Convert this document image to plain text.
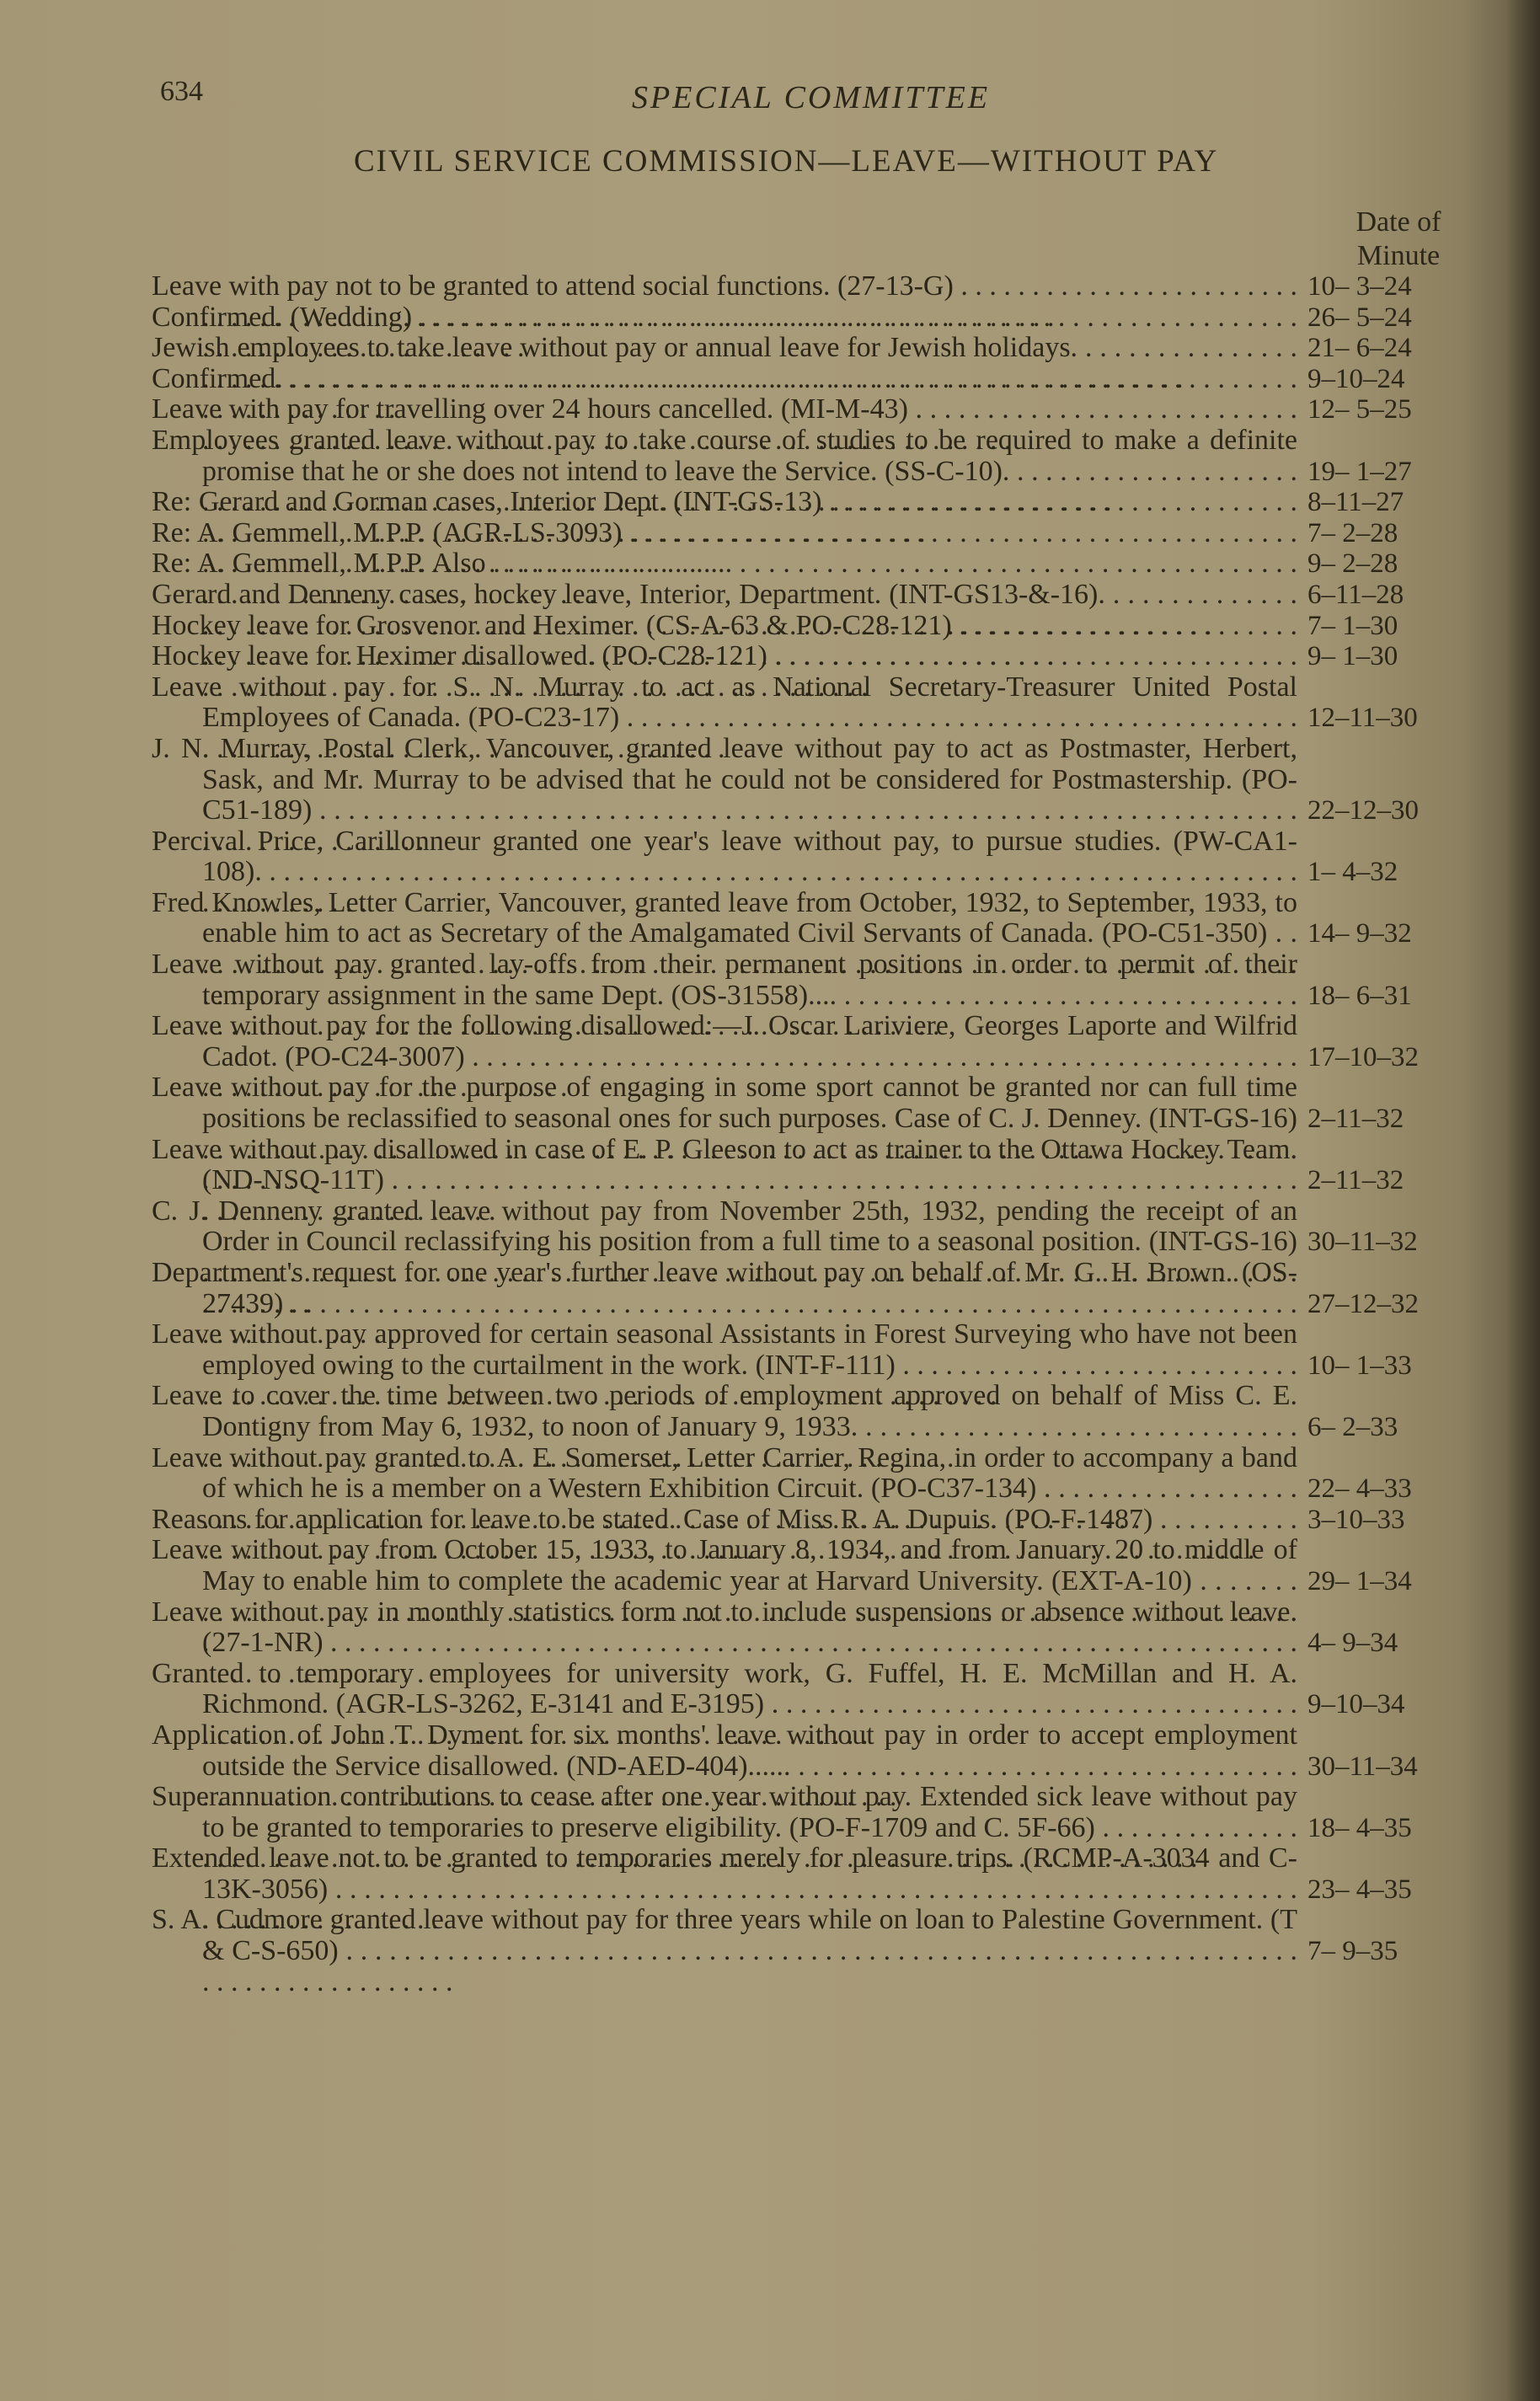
634	SPECIAL COMMITTEE
CIVIL SERVICE COMMISSION—LEAVE—WITHOUT PAY
Date of
Minute
Leave with pay not to be granted to attend social functions. (27-13-G) . . .	10– 3–24
Confirmed. (Wedding) . . .	26– 5–24
Jewish employees to take leave without pay or annual leave for Jewish holidays. . . .	21– 6–24
Confirmed. . . .	9–10–24
Leave with pay for travelling over 24 hours cancelled. (MI-M-43) . . .	12– 5–25
Employees granted leave without pay to take course of studies to be required to make a definite promise that he or she does not intend to leave the Service. (SS-C-10). . . .	19– 1–27
Re: Gerard and Gorman cases, Interior Dept. (INT-GS-13) . . .	8–11–27
Re: A. Gemmell, M.P.P. (AGR-LS-3093) . . .	7– 2–28
Re: A. Gemmell, M.P.P. Also . . .	9– 2–28
Gerard and Denneny cases, hockey leave, Interior, Department. (INT-GS13-&-16). . . .	6–11–28
Hockey leave for Grosvenor and Heximer. (CS-A-63 & PO-C28-121) . . .	7– 1–30
Hockey leave for Heximer disallowed. (PO-C28-121) . . .	9– 1–30
Leave without pay for S. N. Murray to act as National Secretary-Treasurer United Postal Employees of Canada. (PO-C23-17) . . .	12–11–30
J. N. Murray, Postal Clerk, Vancouver, granted leave without pay to act as Postmaster, Herbert, Sask, and Mr. Murray to be advised that he could not be considered for Postmastership. (PO-C51-189) . . .	22–12–30
Percival Price, Carillonneur granted one year's leave without pay, to pursue studies. (PW-CA1-108). . . .	1– 4–32
Fred Knowles, Letter Carrier, Vancouver, granted leave from October, 1932, to September, 1933, to enable him to act as Secretary of the Amalgamated Civil Servants of Canada. (PO-C51-350) . . .	14– 9–32
Leave without pay granted lay-offs from their permanent positions in order to permit of their temporary assignment in the same Dept. (OS-31558).... . . .	18– 6–31
Leave without pay for the following disallowed:—J. Oscar Lariviere, Georges Laporte and Wilfrid Cadot. (PO-C24-3007) . . .	17–10–32
Leave without pay for the purpose of engaging in some sport cannot be granted nor can full time positions be reclassified to seasonal ones for such purposes. Case of C. J. Denney. (INT-GS-16) . . . 2–11–32
Leave without pay disallowed in case of E. P. Gleeson to act as trainer to the Ottawa Hockey Team. (ND-NSQ-11T) . . .	2–11–32
C. J. Denneny granted leave without pay from November 25th, 1932, pending the receipt of an Order in Council reclassifying his position from a full time to a seasonal position. (INT-GS-16) . . . 30–11–32
Department's request for one year's further leave without pay on behalf of Mr. G. H. Brown. (OS-27439) . . .	27–12–32
Leave without pay approved for certain seasonal Assistants in Forest Surveying who have not been employed owing to the curtailment in the work. (INT-F-111) . . .	10– 1–33
Leave to cover the time between two periods of employment approved on behalf of Miss C. E. Dontigny from May 6, 1932, to noon of January 9, 1933. . . .	6– 2–33
Leave without pay granted to A. E. Somerset, Letter Carrier, Regina, in order to accompany a band of which he is a member on a Western Exhibition Circuit. (PO-C37-134) . . .	22– 4–33
Reasons for application for leave to be stated. Case of Miss R. A. Dupuis. (PO-F-1487) . . .	3–10–33
Leave without pay from October 15, 1933, to January 8, 1934, and from January 20 to middle of May to enable him to complete the academic year at Harvard University. (EXT-A-10) . . .	29– 1–34
Leave without pay in monthly statistics form not to include suspensions or absence without leave. (27-1-NR) . . .	4– 9–34
Granted to temporary employees for university work, G. Fuffel, H. E. McMillan and H. A. Richmond. (AGR-LS-3262, E-3141 and E-3195) . . .	9–10–34
Application of John T. Dyment for six months' leave without pay in order to accept employment outside the Service disallowed. (ND-AED-404)...... . . .	30–11–34
Superannuation contributions to cease after one year without pay. Extended sick leave without pay to be granted to temporaries to preserve eligibility. (PO-F-1709 and C. 5F-66) . . .	18– 4–35
Extended leave not to be granted to temporaries merely for pleasure trips. (RCMP-A-3034 and C-13K-3056) . . .	23– 4–35
S. A. Cudmore granted leave without pay for three years while on loan to Palestine Government. (T & C-S-650) . . .	7– 9–35
